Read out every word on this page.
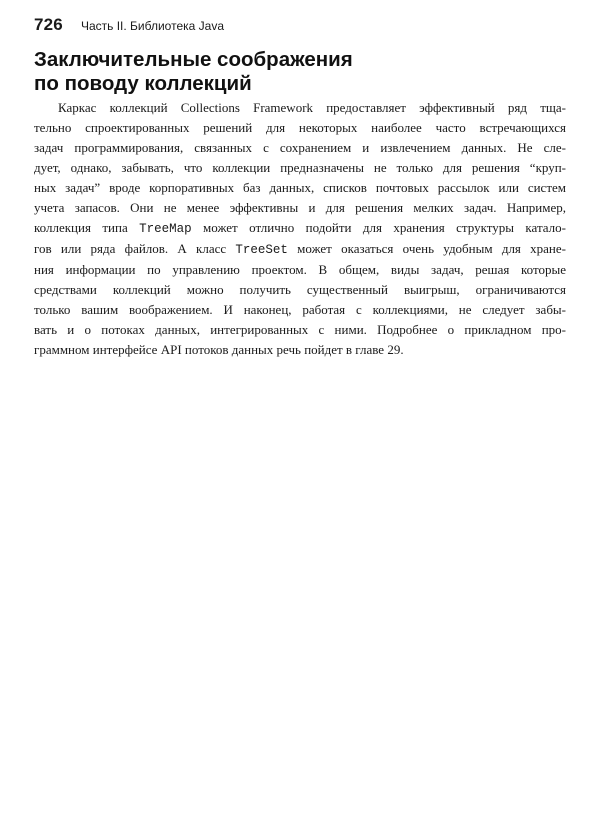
726 Часть II. Библиотека Java
Заключительные соображения
по поводу коллекций
Каркас коллекций Collections Framework предоставляет эффективный ряд тща-
тельно спроектированных решений для некоторых наиболее часто встречающихся
задач программирования, связанных с сохранением и извлечением данных. Не сле-
дует, однако, забывать, что коллекции предназначены не только для решения “круп-
ных задач” вроде корпоративных баз данных, списков почтовых рассылок или систем
учета запасов. Они не менее эффективны и для решения мелких задач. Например,
коллекция типа TreeMap может отлично подойти для хранения структуры катало-
гов или ряда файлов. А класс TreeSet может оказаться очень удобным для хране-
ния информации по управлению проектом. В общем, виды задач, решая которые
средствами коллекций можно получить существенный выигрыш, ограничиваются
только вашим воображением. И наконец, работая с коллекциями, не следует забы-
вать и о потоках данных, интегрированных с ними. Подробнее о прикладном про-
граммном интерфейсе API потоков данных речь пойдет в главе 29.
